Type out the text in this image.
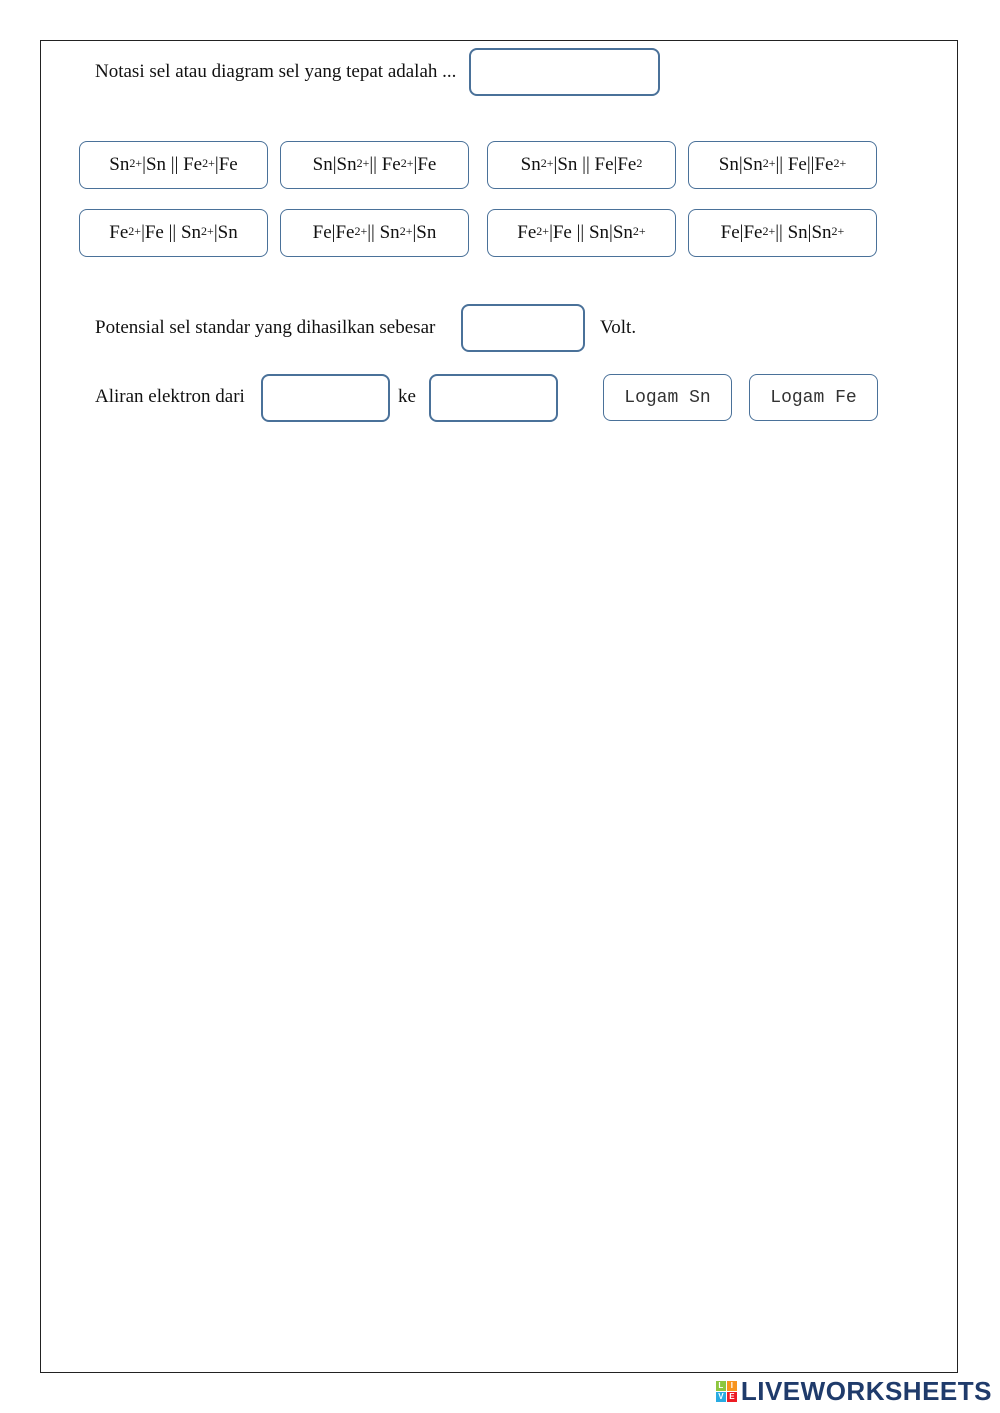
Notasi sel atau diagram sel yang tepat adalah ...
$Sn^{2+}$ |Sn || $Fe^{2+}$ |Fe	$Sn|Sn^{2+}$ || $Fe^{2+}$ |Fe	$Sn^{2+}$ |Sn || Fe|Fe$^2$	$Sn|Sn^{2+}$ || $Fe||Fe^{2+}$
$Fe^{2+}$ |Fe || $Sn^{2+}$ |Sn	$Fe|Fe^{2+}$ || $Sn^{2+}$ |Sn	$Fe^{2+}$ |Fe || $Sn|Sn^{2+}$	$Fe|Fe^{2+}$ || $Sn|Sn^{2+}$
Potensial sel standar yang dihasilkan sebesar	Volt.
Aliran elektron dari	ke	Logam Sn	Logam Fe
L I
V E LIVEWORKSHEETS
